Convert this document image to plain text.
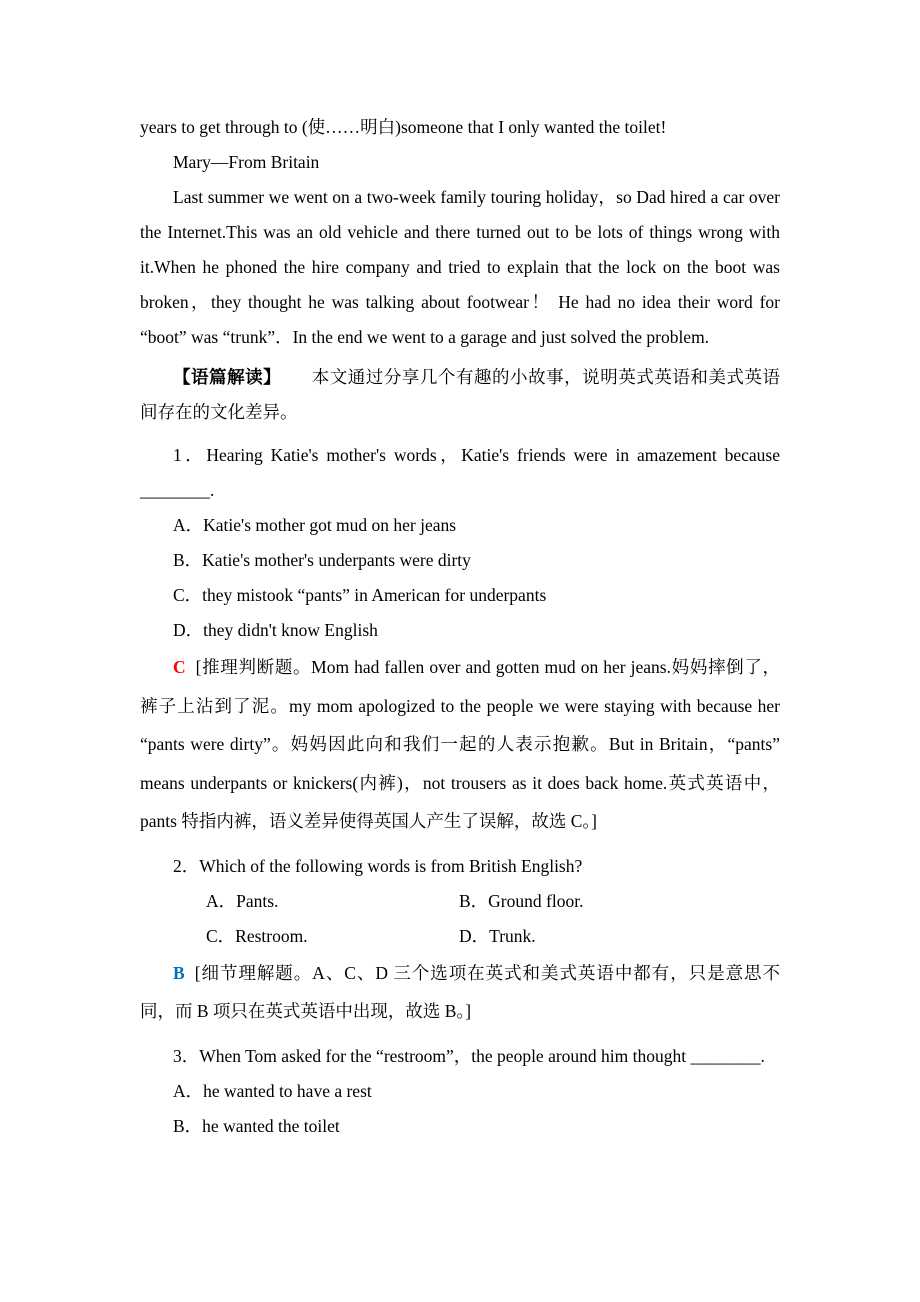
years to get through to (使……明白)someone that I only wanted the toilet!

Mary—From Britain

Last summer we went on a two-week family touring holiday，so Dad hired a car over the Internet.This was an old vehicle and there turned out to be lots of things wrong with it.When he phoned the hire company and tried to explain that the lock on the boot was broken，they thought he was talking about footwear！ He had no idea their word for “boot” was “trunk”．In the end we went to a garage and just solved the problem.

【语篇解读】 本文通过分享几个有趣的小故事，说明英式英语和美式英语间存在的文化差异。

1．Hearing Katie's mother's words，Katie's friends were in amazement because ________.

A．Katie's mother got mud on her jeans

B．Katie's mother's underpants were dirty

C．they mistook “pants” in American for underpants

D．they didn't know English

C [推理判断题。Mom had fallen over and gotten mud on her jeans.妈妈摔倒了，裤子上沾到了泥。my mom apologized to the people we were staying with because her “pants were dirty”。妈妈因此向和我们一起的人表示抱歉。But in Britain，“pants” means underpants or knickers(内裤)，not trousers as it does back home.英式英语中，pants 特指内裤，语义差异使得英国人产生了误解，故选 C。]

2．Which of the following words is from British English?

A．Pants.	B．Ground floor.

C．Restroom.	D．Trunk.

B [细节理解题。A、C、D 三个选项在英式和美式英语中都有，只是意思不同，而 B 项只在英式英语中出现，故选 B。]

3．When Tom asked for the “restroom”，the people around him thought ________.

A．he wanted to have a rest

B．he wanted the toilet
